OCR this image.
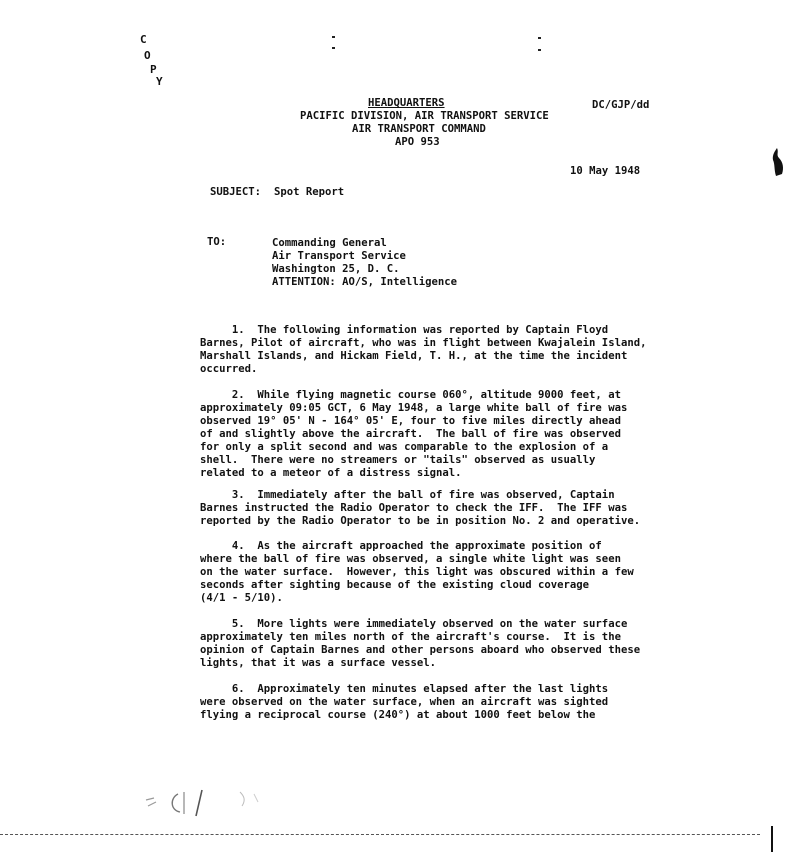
C
O
P
Y
HEADQUARTERS
PACIFIC DIVISION, AIR TRANSPORT SERVICE
AIR TRANSPORT COMMAND
APO 953
DC/GJP/dd
10 May 1948
SUBJECT: Spot Report
TO:	Commanding General
Air Transport Service
Washington 25, D. C.
ATTENTION: AO/S, Intelligence
1.  The following information was reported by Captain Floyd
Barnes, Pilot of aircraft, who was in flight between Kwajalein Island,
Marshall Islands, and Hickam Field, T. H., at the time the incident
occurred.
2.  While flying magnetic course 060°, altitude 9000 feet, at
approximately 09:05 GCT, 6 May 1948, a large white ball of fire was
observed 19° 05' N - 164° 05' E, four to five miles directly ahead
of and slightly above the aircraft.  The ball of fire was observed
for only a split second and was comparable to the explosion of a
shell.  There were no streamers or "tails" observed as usually
related to a meteor of a distress signal.
3.  Immediately after the ball of fire was observed, Captain
Barnes instructed the Radio Operator to check the IFF.  The IFF was
reported by the Radio Operator to be in position No. 2 and operative.
4.  As the aircraft approached the approximate position of
where the ball of fire was observed, a single white light was seen
on the water surface.  However, this light was obscured within a few
seconds after sighting because of the existing cloud coverage
(4/1 - 5/10).
5.  More lights were immediately observed on the water surface
approximately ten miles north of the aircraft's course.  It is the
opinion of Captain Barnes and other persons aboard who observed these
lights, that it was a surface vessel.
6.  Approximately ten minutes elapsed after the last lights
were observed on the water surface, when an aircraft was sighted
flying a reciprocal course (240°) at about 1000 feet below the
